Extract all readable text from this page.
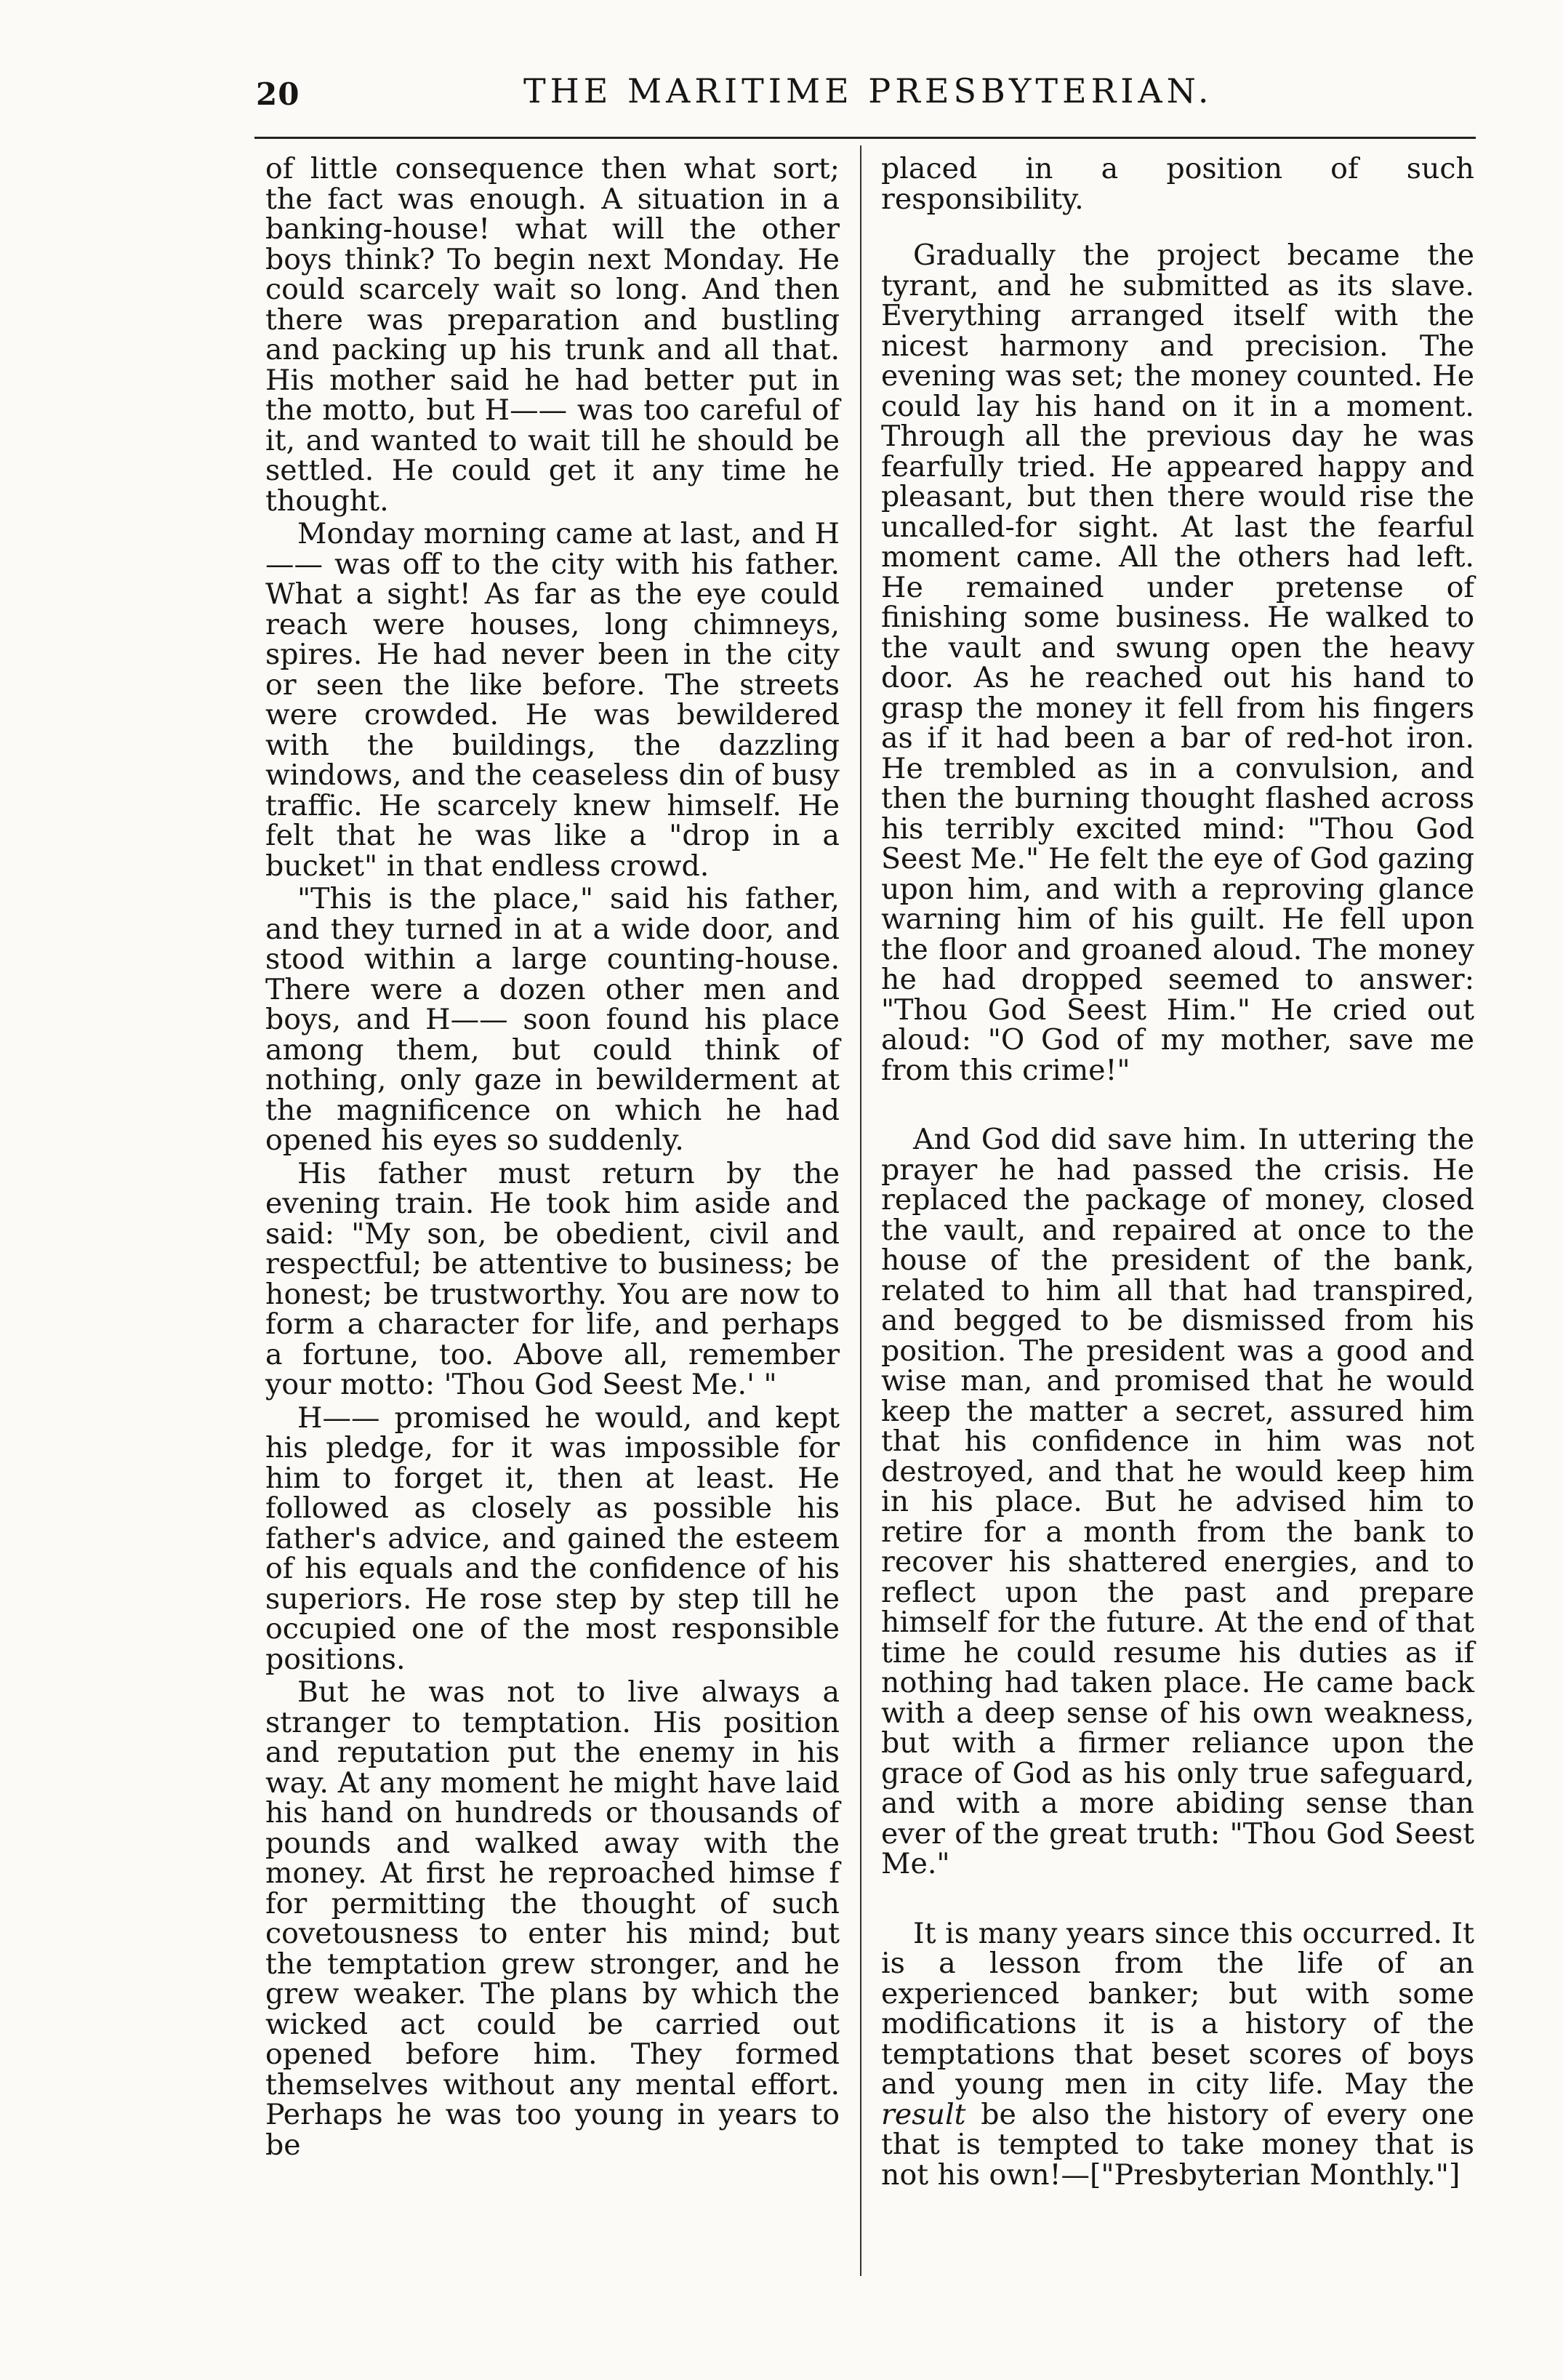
20	THE MARITIME PRESBYTERIAN.

of little consequence then what sort; the fact was enough. A situation in a banking-house! what will the other boys think? To begin next Monday. He could scarcely wait so long. And then there was preparation and bustling and packing up his trunk and all that. His mother said he had better put in the motto, but H—— was too careful of it, and wanted to wait till he should be settled. He could get it any time he thought.

Monday morning came at last, and H—— was off to the city with his father. What a sight! As far as the eye could reach were houses, long chimneys, spires. He had never been in the city or seen the like before. The streets were crowded. He was bewildered with the buildings, the dazzling windows, and the ceaseless din of busy traffic. He scarcely knew himself. He felt that he was like a "drop in a bucket" in that endless crowd.

"This is the place," said his father, and they turned in at a wide door, and stood within a large counting-house. There were a dozen other men and boys, and H—— soon found his place among them, but could think of nothing, only gaze in bewilderment at the magnificence on which he had opened his eyes so suddenly.

His father must return by the evening train. He took him aside and said: "My son, be obedient, civil and respectful; be attentive to business; be honest; be trustworthy. You are now to form a character for life, and perhaps a fortune, too. Above all, remember your motto: 'Thou God Seest Me.' "

H—— promised he would, and kept his pledge, for it was impossible for him to forget it, then at least. He followed as closely as possible his father's advice, and gained the esteem of his equals and the confidence of his superiors. He rose step by step till he occupied one of the most responsible positions.

But he was not to live always a stranger to temptation. His position and reputation put the enemy in his way. At any moment he might have laid his hand on hundreds or thousands of pounds and walked away with the money. At first he reproached himse f for permitting the thought of such covetousness to enter his mind; but the temptation grew stronger, and he grew weaker. The plans by which the wicked act could be carried out opened before him. They formed themselves without any mental effort. Perhaps he was too young in years to be

placed in a position of such responsibility.

Gradually the project became the tyrant, and he submitted as its slave. Everything arranged itself with the nicest harmony and precision. The evening was set; the money counted. He could lay his hand on it in a moment. Through all the previous day he was fearfully tried. He appeared happy and pleasant, but then there would rise the uncalled-for sight. At last the fearful moment came. All the others had left. He remained under pretense of finishing some business. He walked to the vault and swung open the heavy door. As he reached out his hand to grasp the money it fell from his fingers as if it had been a bar of red-hot iron. He trembled as in a convulsion, and then the burning thought flashed across his terribly excited mind: "Thou God Seest Me." He felt the eye of God gazing upon him, and with a reproving glance warning him of his guilt. He fell upon the floor and groaned aloud. The money he had dropped seemed to answer: "Thou God Seest Him." He cried out aloud: "O God of my mother, save me from this crime!"

And God did save him. In uttering the prayer he had passed the crisis. He replaced the package of money, closed the vault, and repaired at once to the house of the president of the bank, related to him all that had transpired, and begged to be dismissed from his position. The president was a good and wise man, and promised that he would keep the matter a secret, assured him that his confidence in him was not destroyed, and that he would keep him in his place. But he advised him to retire for a month from the bank to recover his shattered energies, and to reflect upon the past and prepare himself for the future. At the end of that time he could resume his duties as if nothing had taken place. He came back with a deep sense of his own weakness, but with a firmer reliance upon the grace of God as his only true safeguard, and with a more abiding sense than ever of the great truth: "Thou God Seest Me."

It is many years since this occurred. It is a lesson from the life of an experienced banker; but with some modifications it is a history of the temptations that beset scores of boys and young men in city life. May the result be also the history of every one that is tempted to take money that is not his own!—["Presbyterian Monthly."]
